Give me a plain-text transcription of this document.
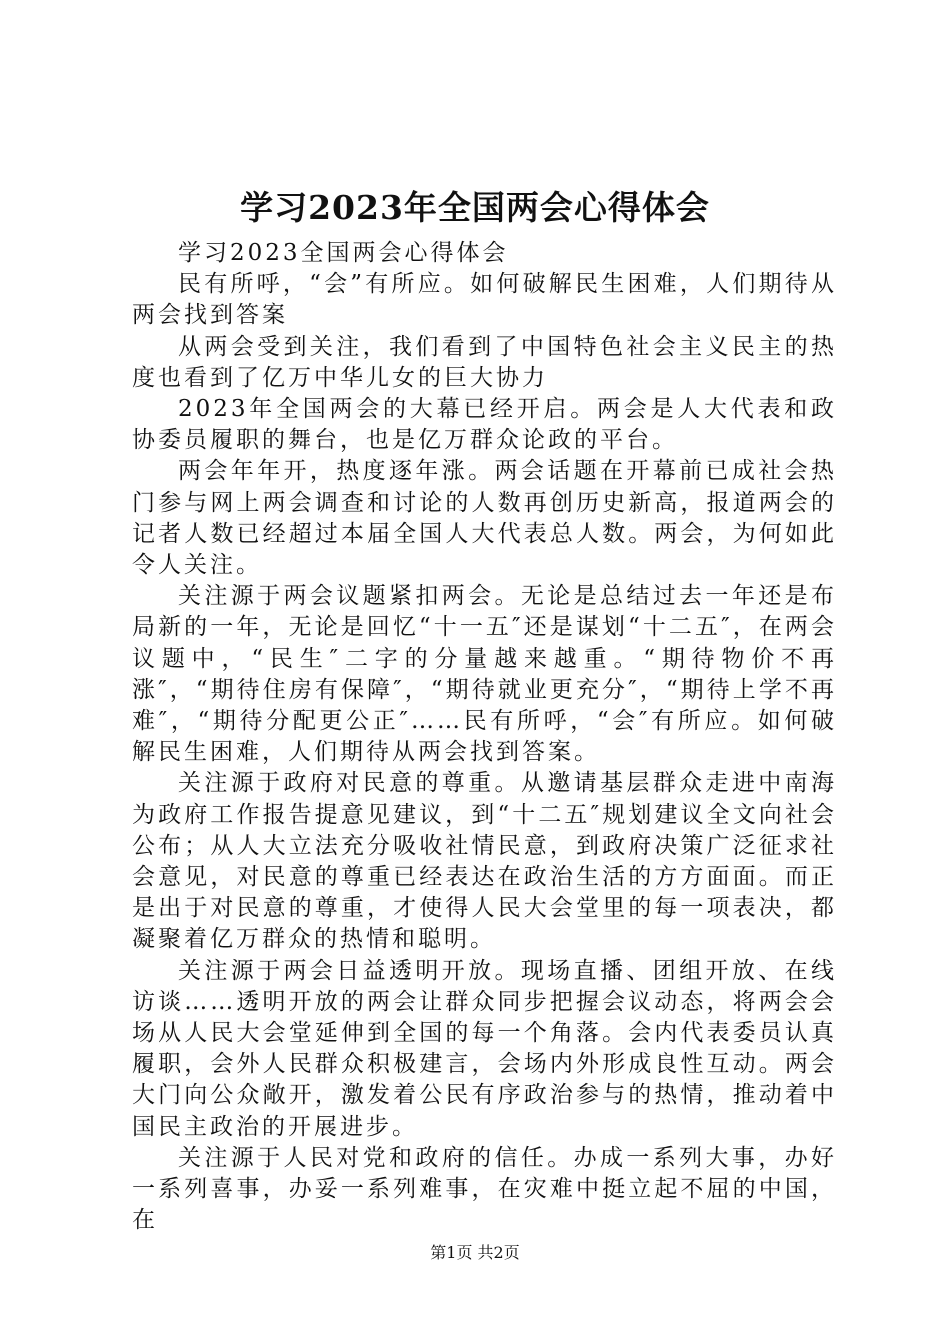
学习2023年全国两会心得体会

学习2023全国两会心得体会

民有所呼，“会”有所应。如何破解民生困难，人们期待从两会找到答案

从两会受到关注，我们看到了中国特色社会主义民主的热度也看到了亿万中华儿女的巨大协力

2023年全国两会的大幕已经开启。两会是人大代表和政协委员履职的舞台，也是亿万群众论政的平台。

两会年年开，热度逐年涨。两会话题在开幕前已成社会热门参与网上两会调查和讨论的人数再创历史新高，报道两会的记者人数已经超过本届全国人大代表总人数。两会，为何如此令人关注。

关注源于两会议题紧扣两会。无论是总结过去一年还是布局新的一年，无论是回忆“十一五″还是谋划“十二五″，在两会议题中，“民生″二字的分量越来越重。“期待物价不再涨″，“期待住房有保障″，“期待就业更充分″，“期待上学不再难″，“期待分配更公正″……民有所呼，“会″有所应。如何破解民生困难，人们期待从两会找到答案。

关注源于政府对民意的尊重。从邀请基层群众走进中南海为政府工作报告提意见建议，到“十二五″规划建议全文向社会公布；从人大立法充分吸收社情民意，到政府决策广泛征求社会意见，对民意的尊重已经表达在政治生活的方方面面。而正是出于对民意的尊重，才使得人民大会堂里的每一项表决，都凝聚着亿万群众的热情和聪明。

关注源于两会日益透明开放。现场直播、团组开放、在线访谈……透明开放的两会让群众同步把握会议动态，将两会会场从人民大会堂延伸到全国的每一个角落。会内代表委员认真履职，会外人民群众积极建言，会场内外形成良性互动。两会大门向公众敞开，激发着公民有序政治参与的热情，推动着中国民主政治的开展进步。

关注源于人民对党和政府的信任。办成一系列大事，办好一系列喜事，办妥一系列难事，在灾难中挺立起不屈的中国，在

第1页 共2页
